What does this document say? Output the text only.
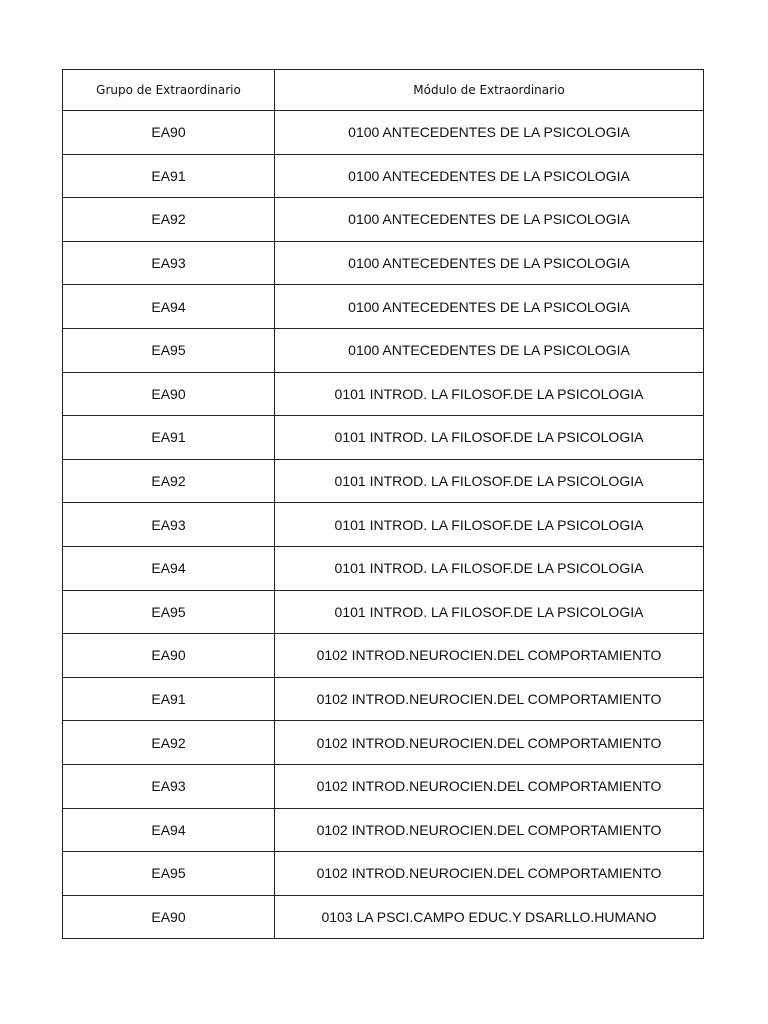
Grupo de Extraordinario	Módulo de Extraordinario
EA90	0100 ANTECEDENTES DE LA PSICOLOGIA
EA91	0100 ANTECEDENTES DE LA PSICOLOGIA
EA92	0100 ANTECEDENTES DE LA PSICOLOGIA
EA93	0100 ANTECEDENTES DE LA PSICOLOGIA
EA94	0100 ANTECEDENTES DE LA PSICOLOGIA
EA95	0100 ANTECEDENTES DE LA PSICOLOGIA
EA90	0101 INTROD. LA FILOSOF.DE LA PSICOLOGIA
EA91	0101 INTROD. LA FILOSOF.DE LA PSICOLOGIA
EA92	0101 INTROD. LA FILOSOF.DE LA PSICOLOGIA
EA93	0101 INTROD. LA FILOSOF.DE LA PSICOLOGIA
EA94	0101 INTROD. LA FILOSOF.DE LA PSICOLOGIA
EA95	0101 INTROD. LA FILOSOF.DE LA PSICOLOGIA
EA90	0102 INTROD.NEUROCIEN.DEL COMPORTAMIENTO
EA91	0102 INTROD.NEUROCIEN.DEL COMPORTAMIENTO
EA92	0102 INTROD.NEUROCIEN.DEL COMPORTAMIENTO
EA93	0102 INTROD.NEUROCIEN.DEL COMPORTAMIENTO
EA94	0102 INTROD.NEUROCIEN.DEL COMPORTAMIENTO
EA95	0102 INTROD.NEUROCIEN.DEL COMPORTAMIENTO
EA90	0103 LA PSCI.CAMPO EDUC.Y DSARLLO.HUMANO
